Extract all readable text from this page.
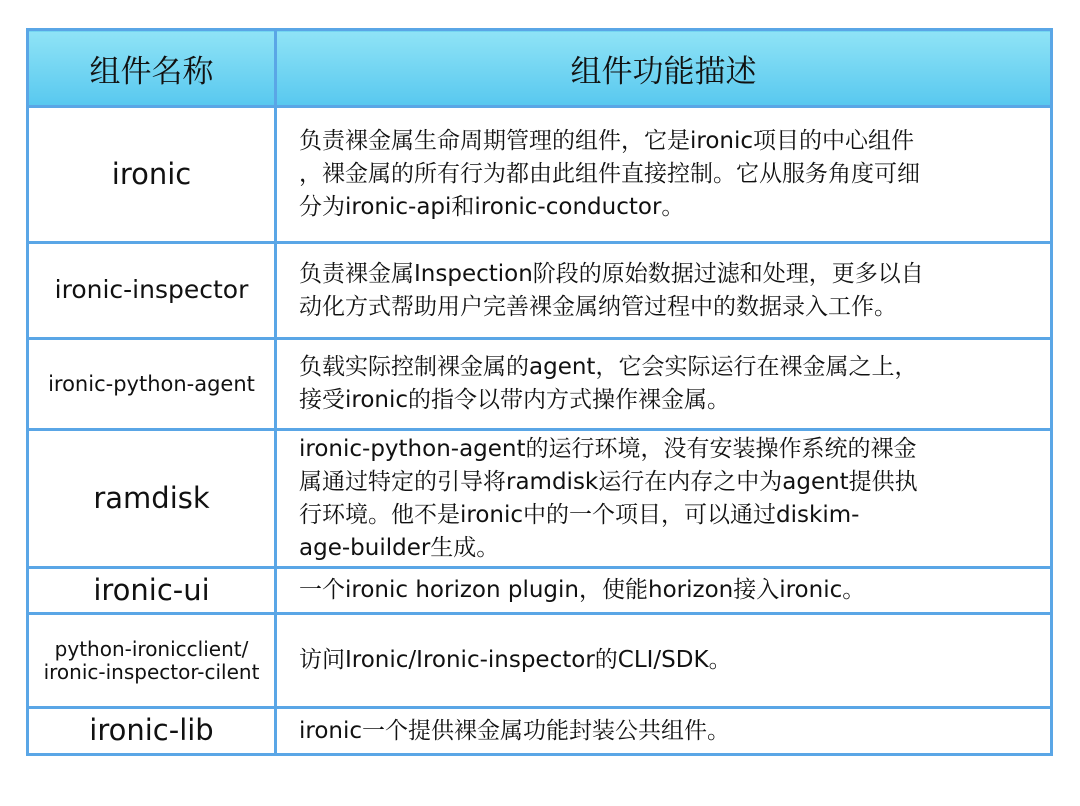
组件名称	组件功能描述
ironic	负责裸金属生命周期管理的组件，它是ironic项目的中心组件
，裸金属的所有行为都由此组件直接控制。它从服务角度可细
分为ironic-api和ironic-conductor。

ironic-inspector	负责裸金属Inspection阶段的原始数据过滤和处理，更多以自
动化方式帮助用户完善裸金属纳管过程中的数据录入工作。

ironic-python-agent	负载实际控制裸金属的agent，它会实际运行在裸金属之上，
接受ironic的指令以带内方式操作裸金属。

ramdisk	ironic-python-agent的运行环境，没有安装操作系统的裸金
属通过特定的引导将ramdisk运行在内存之中为agent提供执
行环境。他不是ironic中的一个项目，可以通过diskim-
age-builder生成。

ironic-ui	一个ironic horizon plugin，使能horizon接入ironic。

python-ironicclient/
ironic-inspector-cilent	访问Ironic/Ironic-inspector的CLI/SDK。

ironic-lib	ironic一个提供裸金属功能封装公共组件。
